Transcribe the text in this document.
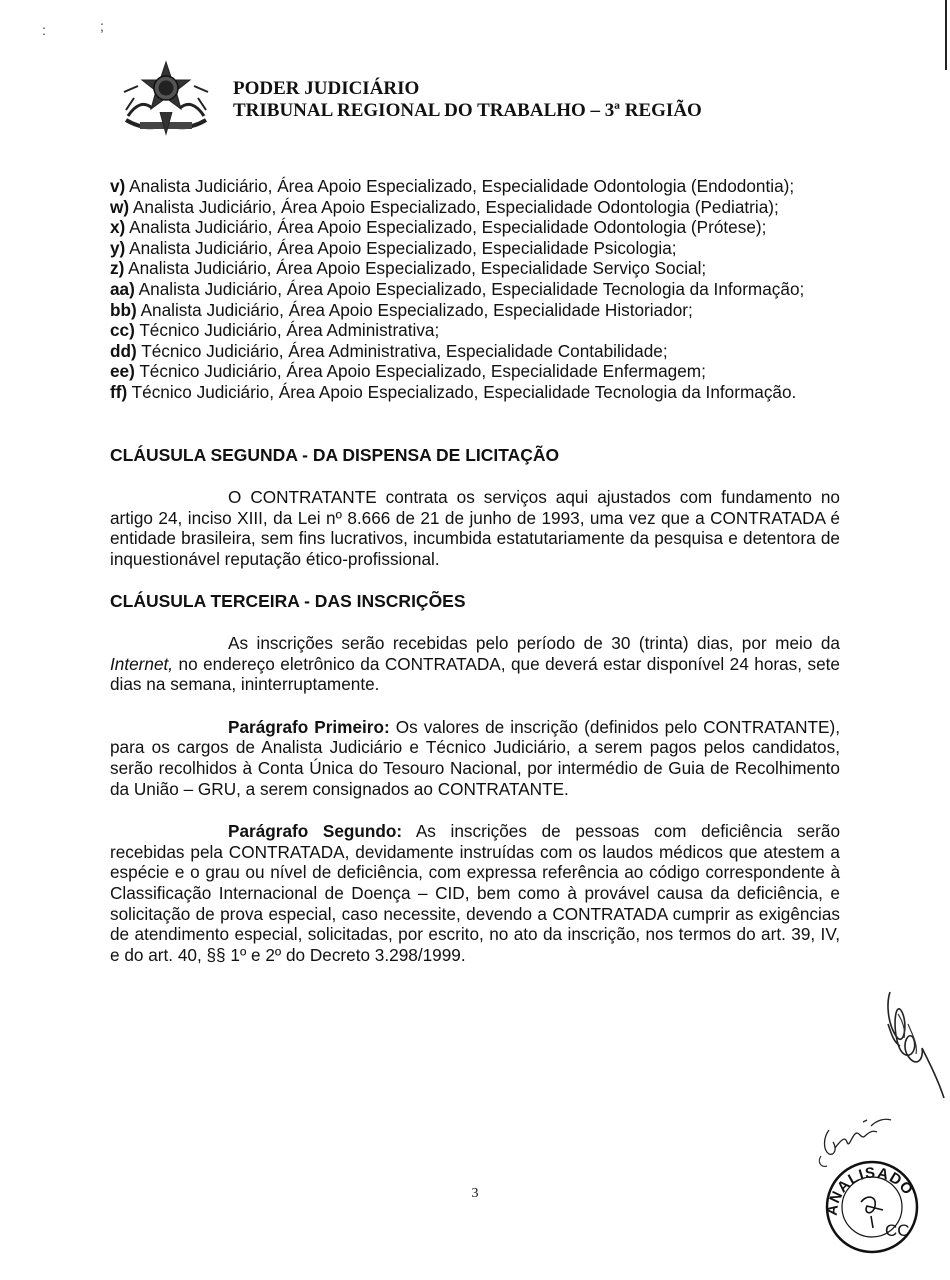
:	;
PODER JUDICIÁRIO
TRIBUNAL REGIONAL DO TRABALHO – 3ª REGIÃO

v) Analista Judiciário, Área Apoio Especializado, Especialidade Odontologia (Endodontia);

w) Analista Judiciário, Área Apoio Especializado, Especialidade Odontologia (Pediatria);

x) Analista Judiciário, Área Apoio Especializado, Especialidade Odontologia (Prótese);

y) Analista Judiciário, Área Apoio Especializado, Especialidade Psicologia;

z) Analista Judiciário, Área Apoio Especializado, Especialidade Serviço Social;

aa) Analista Judiciário, Área Apoio Especializado, Especialidade Tecnologia da Informação;

bb) Analista Judiciário, Área Apoio Especializado, Especialidade Historiador;

cc) Técnico Judiciário, Área Administrativa;

dd) Técnico Judiciário, Área Administrativa, Especialidade Contabilidade;

ee) Técnico Judiciário, Área Apoio Especializado, Especialidade Enfermagem;

ff) Técnico Judiciário, Área Apoio Especializado, Especialidade Tecnologia da Informação.

CLÁUSULA SEGUNDA - DA DISPENSA DE LICITAÇÃO

O CONTRATANTE contrata os serviços aqui ajustados com fundamento no artigo 24, inciso XIII, da Lei nº 8.666 de 21 de junho de 1993, uma vez que a CONTRATADA é entidade brasileira, sem fins lucrativos, incumbida estatutariamente da pesquisa e detentora de inquestionável reputação ético-profissional.

CLÁUSULA TERCEIRA - DAS INSCRIÇÕES

As inscrições serão recebidas pelo período de 30 (trinta) dias, por meio da Internet, no endereço eletrônico da CONTRATADA, que deverá estar disponível 24 horas, sete dias na semana, ininterruptamente.

Parágrafo Primeiro: Os valores de inscrição (definidos pelo CONTRATANTE), para os cargos de Analista Judiciário e Técnico Judiciário, a serem pagos pelos candidatos, serão recolhidos à Conta Única do Tesouro Nacional, por intermédio de Guia de Recolhimento da União – GRU, a serem consignados ao CONTRATANTE.

Parágrafo Segundo: As inscrições de pessoas com deficiência serão recebidas pela CONTRATADA, devidamente instruídas com os laudos médicos que atestem a espécie e o grau ou nível de deficiência, com expressa referência ao código correspondente à Classificação Internacional de Doença – CID, bem como à provável causa da deficiência, e solicitação de prova especial, caso necessite, devendo a CONTRATADA cumprir as exigências de atendimento especial, solicitadas, por escrito, no ato da inscrição, nos termos do art. 39, IV, e do art. 40, §§ 1º e 2º do Decreto 3.298/1999.

3
ANALISADO
CC
